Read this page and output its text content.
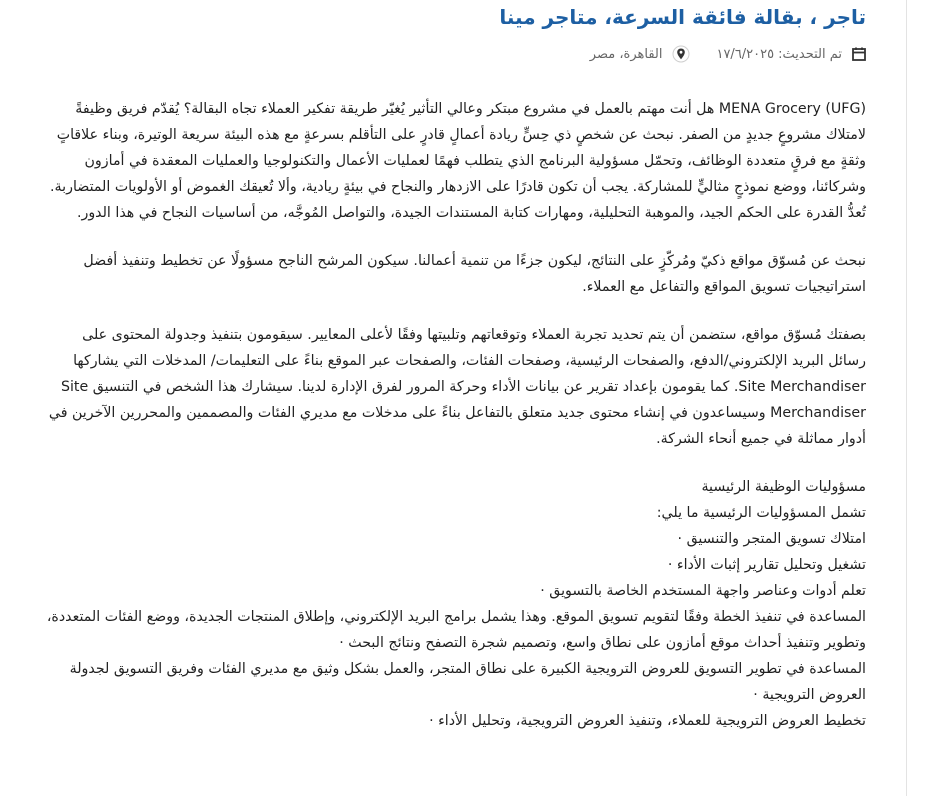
تاجر ، بقالة فائقة السرعة، متاجر مينا
تم التحديث:
١٧/٦/٢٠٢٥
القاهرة، مصر

MENA Grocery (UFG) هل أنت مهتم بالعمل في مشروع مبتكر وعالي التأثير يُغيّر طريقة تفكير العملاء تجاه البقالة؟ يُقدّم فريق وظيفةً لامتلاك مشروعٍ جديدٍ من الصفر. نبحث عن شخصٍ ذي حِسٍّ ريادة أعمالٍ قادرٍ على التأقلم بسرعةٍ مع هذه البيئة سريعة الوتيرة، وبناء علاقاتٍ وثقةٍ مع فرقٍ متعددة الوظائف، وتحمّل مسؤولية البرنامج الذي يتطلب فهمًا لعمليات الأعمال والتكنولوجيا والعمليات المعقدة في أمازون وشركائنا، ووضع نموذجٍ مثاليٍّ للمشاركة. يجب أن تكون قادرًا على الازدهار والنجاح في بيئةٍ ريادية، وألا تُعيقك الغموض أو الأولويات المتضاربة. تُعدُّ القدرة على الحكم الجيد، والموهبة التحليلية، ومهارات كتابة المستندات الجيدة، والتواصل المُوجَّه، من أساسيات النجاح في هذا الدور.

نبحث عن مُسوّق مواقع ذكيّ ومُركّزٍ على النتائج، ليكون جزءًا من تنمية أعمالنا. سيكون المرشح الناجح مسؤولًا عن تخطيط وتنفيذ أفضل استراتيجيات تسويق المواقع والتفاعل مع العملاء.

بصفتك مُسوّق مواقع، ستضمن أن يتم تحديد تجربة العملاء وتوقعاتهم وتلبيتها وفقًا لأعلى المعايير. سيقومون بتنفيذ وجدولة المحتوى على رسائل البريد الإلكتروني/الدفع، والصفحات الرئيسية، وصفحات الفئات، والصفحات عبر الموقع بناءً على التعليمات/ المدخلات التي يشاركها Site Merchandiser. كما يقومون بإعداد تقرير عن بيانات الأداء وحركة المرور لفرق الإدارة لدينا. سيشارك هذا الشخص في التنسيق Site Merchandiser وسيساعدون في إنشاء محتوى جديد متعلق بالتفاعل بناءً على مدخلات مع مديري الفئات والمصممين والمحررين الآخرين في أدوار مماثلة في جميع أنحاء الشركة.

مسؤوليات الوظيفة الرئيسية
تشمل المسؤوليات الرئيسية ما يلي:
امتلاك تسويق المتجر والتنسيق ·
تشغيل وتحليل تقارير إثبات الأداء ·
تعلم أدوات وعناصر واجهة المستخدم الخاصة بالتسويق ·
المساعدة في تنفيذ الخطة وفقًا لتقويم تسويق الموقع. وهذا يشمل برامج البريد الإلكتروني، وإطلاق المنتجات الجديدة، ووضع الفئات المتعددة، وتطوير وتنفيذ أحداث موقع أمازون على نطاق واسع، وتصميم شجرة التصفح ونتائج البحث ·
المساعدة في تطوير التسويق للعروض الترويجية الكبيرة على نطاق المتجر، والعمل بشكل وثيق مع مديري الفئات وفريق التسويق لجدولة العروض الترويجية ·
تخطيط العروض الترويجية للعملاء، وتنفيذ العروض الترويجية، وتحليل الأداء ·
